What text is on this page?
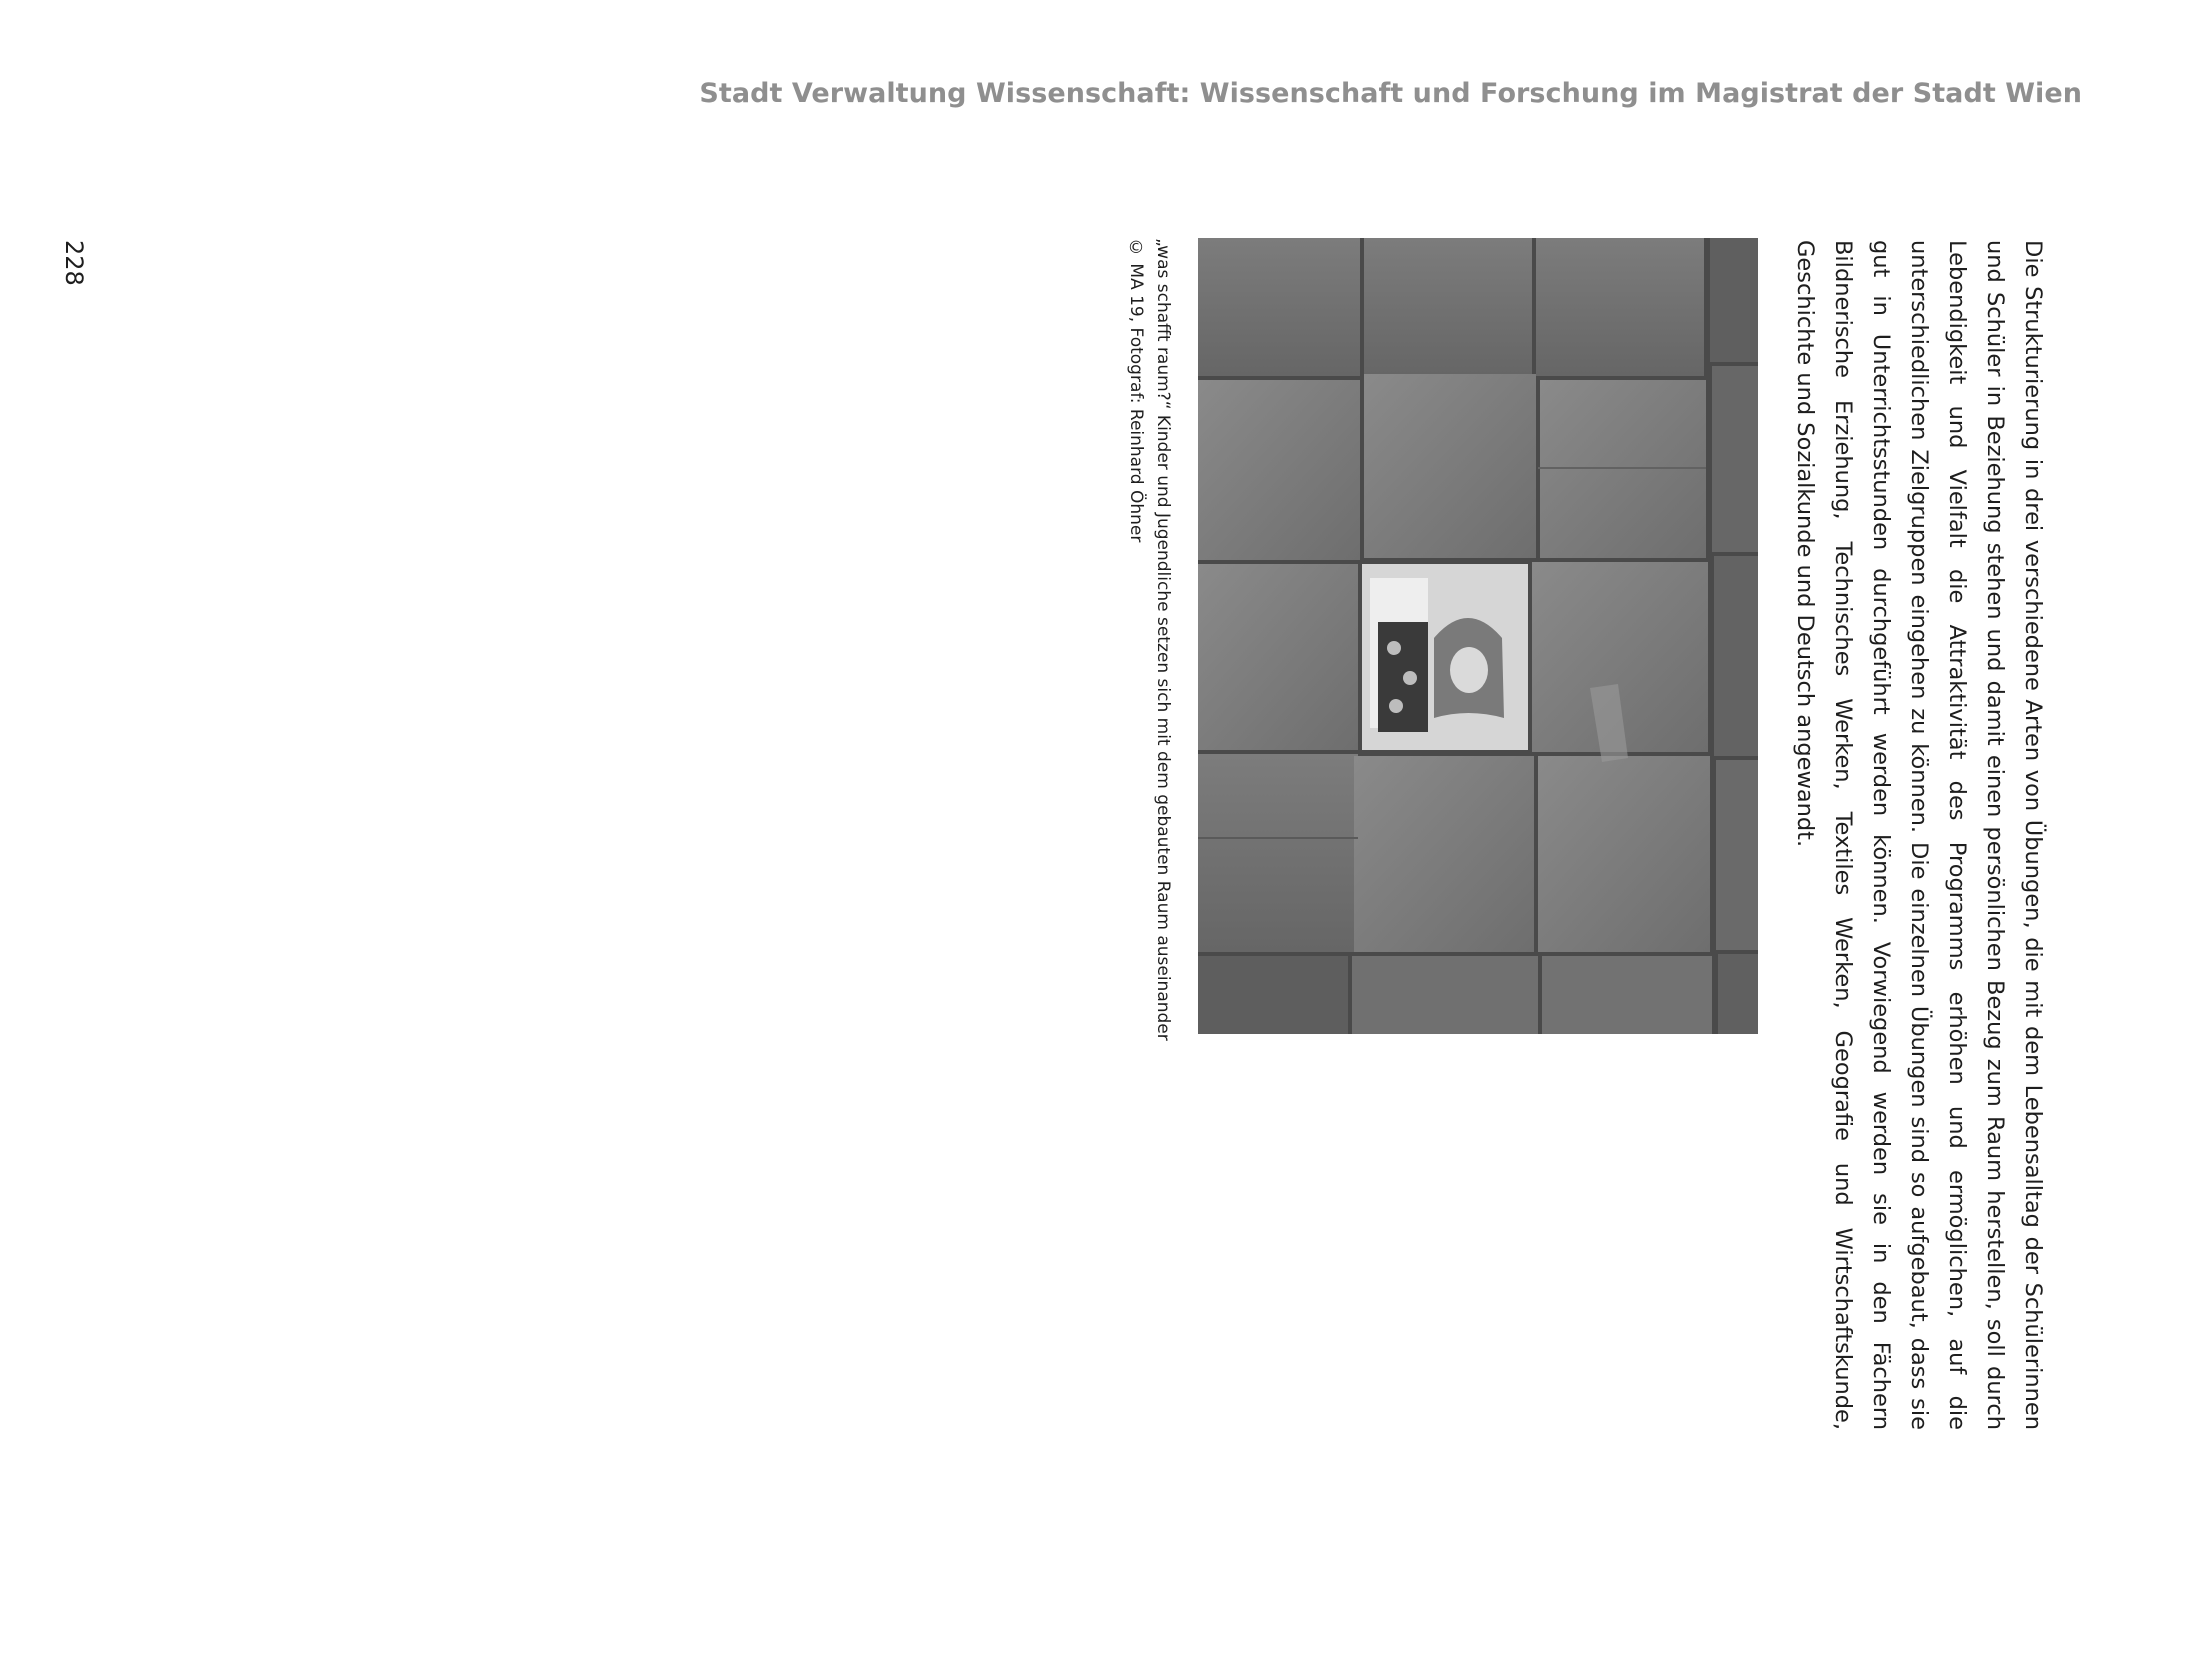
Stadt Verwaltung Wissenschaft: Wissenschaft und Forschung im Magistrat der Stadt Wien
Die Strukturierung in drei verschiedene Arten von Übungen, die mit dem Lebensalltag der Schülerinnen und Schüler in Beziehung stehen und damit einen persönlichen Bezug zum Raum herstellen, soll durch Lebendigkeit und Vielfalt die Attraktivität des Programms erhöhen und ermöglichen, auf die unterschiedlichen Zielgruppen eingehen zu können. Die einzelnen Übungen sind so aufgebaut, dass sie gut in Unterrichtsstunden durchgeführt werden können. Vorwiegend werden sie in den Fächern Bildnerische Erziehung, Technisches Werken, Textiles Werken, Geografie und Wirtschaftskunde, Geschichte und Sozialkunde und Deutsch angewandt.
„was schafft raum?“ Kinder und Jugendliche setzen sich mit dem gebauten Raum auseinander
© MA 19, Fotograf: Reinhard Öhner
228
